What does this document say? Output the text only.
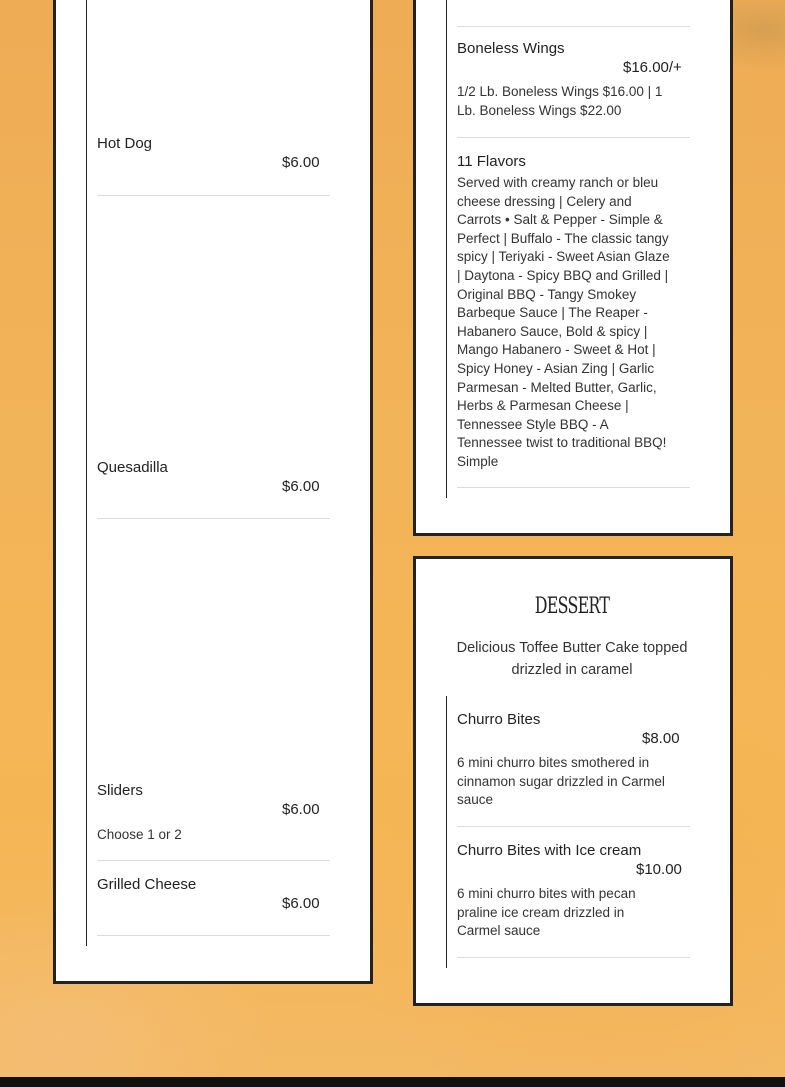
Hot Dog
$6.00
Quesadilla
$6.00
Sliders
$6.00
Choose 1 or 2
Grilled Cheese
$6.00
Boneless Wings
$16.00/+
1/2 Lb. Boneless Wings $16.00 | 1 Lb. Boneless Wings $22.00
11 Flavors
Served with creamy ranch or bleu cheese dressing | Celery and Carrots • Salt & Pepper - Simple & Perfect | Buffalo - The classic tangy spicy | Teriyaki - Sweet Asian Glaze | Daytona - Spicy BBQ and Grilled | Original BBQ - Tangy Smokey Barbeque Sauce | The Reaper - Habanero Sauce, Bold & spicy | Mango Habanero - Sweet & Hot | Spicy Honey - Asian Zing | Garlic Parmesan - Melted Butter, Garlic, Herbs & Parmesan Cheese | Tennessee Style BBQ - A Tennessee twist to traditional BBQ! Simple
DESSERT
Delicious Toffee Butter Cake topped drizzled in caramel
Churro Bites
$8.00
6 mini churro bites smothered in cinnamon sugar drizzled in Carmel sauce
Churro Bites with Ice cream
$10.00
6 mini churro bites with pecan praline ice cream drizzled in Carmel sauce
